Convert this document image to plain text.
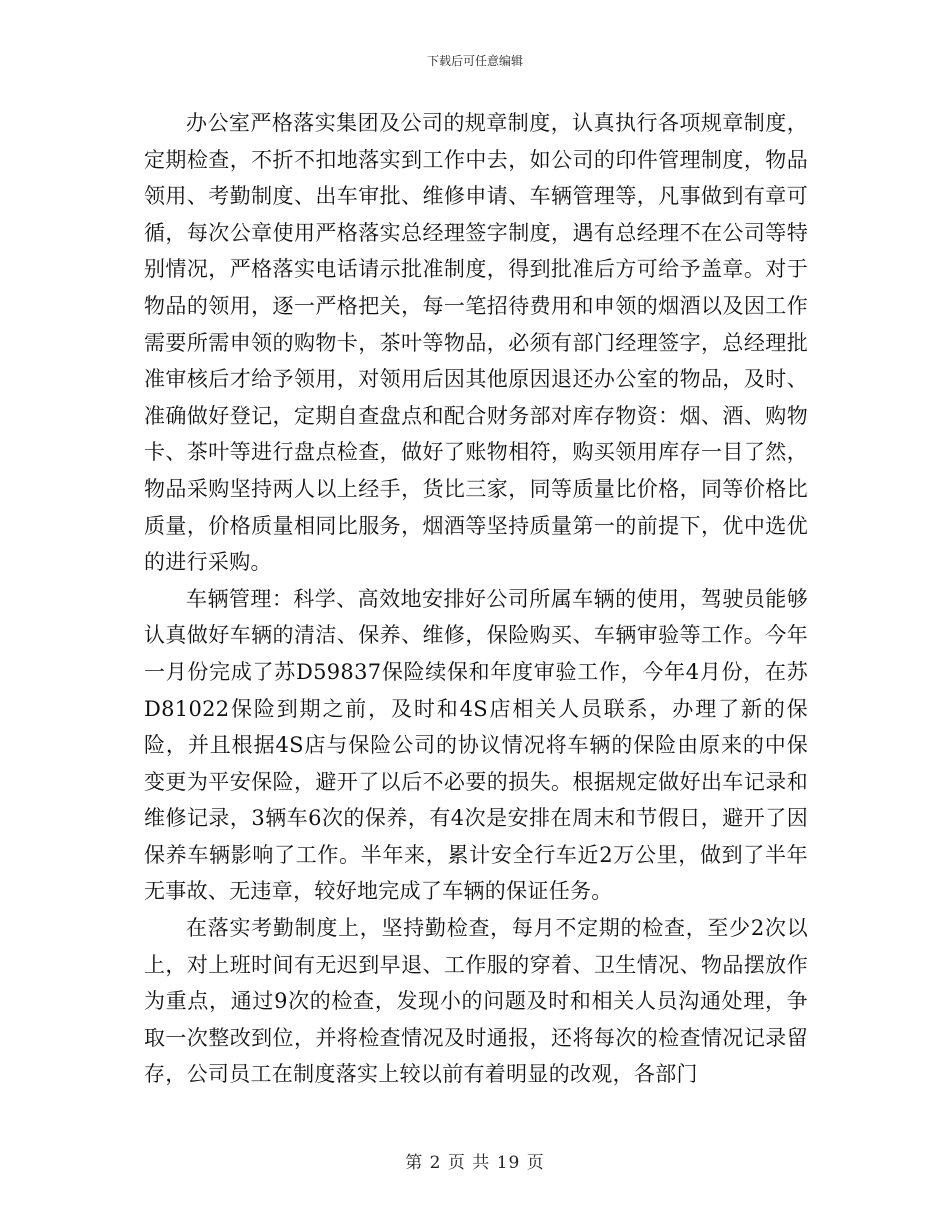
下载后可任意编辑

办公室严格落实集团及公司的规章制度，认真执行各项规章制度，定期检查，不折不扣地落实到工作中去，如公司的印件管理制度，物品领用、考勤制度、出车审批、维修申请、车辆管理等，凡事做到有章可循，每次公章使用严格落实总经理签字制度，遇有总经理不在公司等特别情况，严格落实电话请示批准制度，得到批准后方可给予盖章。对于物品的领用，逐一严格把关，每一笔招待费用和申领的烟酒以及因工作需要所需申领的购物卡，茶叶等物品，必须有部门经理签字，总经理批准审核后才给予领用，对领用后因其他原因退还办公室的物品，及时、准确做好登记，定期自查盘点和配合财务部对库存物资：烟、酒、购物卡、茶叶等进行盘点检查，做好了账物相符，购买领用库存一目了然，物品采购坚持两人以上经手，货比三家，同等质量比价格，同等价格比质量，价格质量相同比服务，烟酒等坚持质量第一的前提下，优中选优的进行采购。

车辆管理：科学、高效地安排好公司所属车辆的使用，驾驶员能够认真做好车辆的清洁、保养、维修，保险购买、车辆审验等工作。今年一月份完成了苏D59837保险续保和年度审验工作，今年4月份，在苏D81022保险到期之前，及时和4S店相关人员联系，办理了新的保险，并且根据4S店与保险公司的协议情况将车辆的保险由原来的中保变更为平安保险，避开了以后不必要的损失。根据规定做好出车记录和维修记录，3辆车6次的保养，有4次是安排在周末和节假日，避开了因保养车辆影响了工作。半年来，累计安全行车近2万公里，做到了半年无事故、无违章，较好地完成了车辆的保证任务。

在落实考勤制度上，坚持勤检查，每月不定期的检查，至少2次以上，对上班时间有无迟到早退、工作服的穿着、卫生情况、物品摆放作为重点，通过9次的检查，发现小的问题及时和相关人员沟通处理，争取一次整改到位，并将检查情况及时通报，还将每次的检查情况记录留存，公司员工在制度落实上较以前有着明显的改观，各部门

第 2 页 共 19 页
